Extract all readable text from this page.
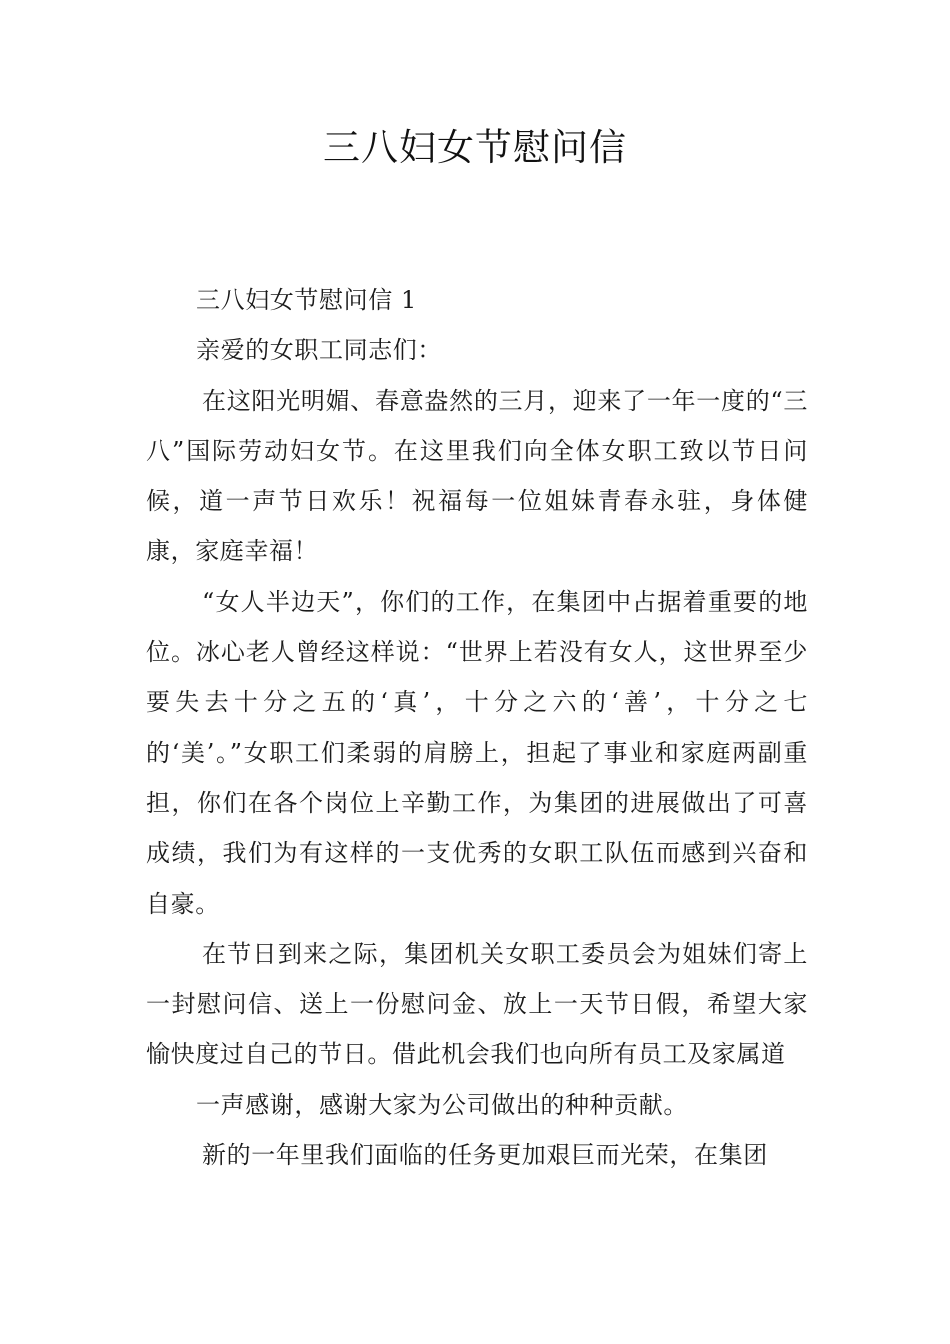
三八妇女节慰问信

三八妇女节慰问信 1

亲爱的女职工同志们：

在这阳光明媚、春意盎然的三月，迎来了一年一度的“三八”国际劳动妇女节。在这里我们向全体女职工致以节日问候，道一声节日欢乐！祝福每一位姐妹青春永驻，身体健康，家庭幸福！

“女人半边天”，你们的工作，在集团中占据着重要的地位。冰心老人曾经这样说：“世界上若没有女人，这世界至少要失去十分之五的‘真’，十分之六的‘善’，十分之七的‘美’。”女职工们柔弱的肩膀上，担起了事业和家庭两副重担，你们在各个岗位上辛勤工作，为集团的进展做出了可喜成绩，我们为有这样的一支优秀的女职工队伍而感到兴奋和自豪。

在节日到来之际，集团机关女职工委员会为姐妹们寄上一封慰问信、送上一份慰问金、放上一天节日假，希望大家愉快度过自己的节日。借此机会我们也向所有员工及家属道

一声感谢，感谢大家为公司做出的种种贡献。

新的一年里我们面临的任务更加艰巨而光荣，在集团
